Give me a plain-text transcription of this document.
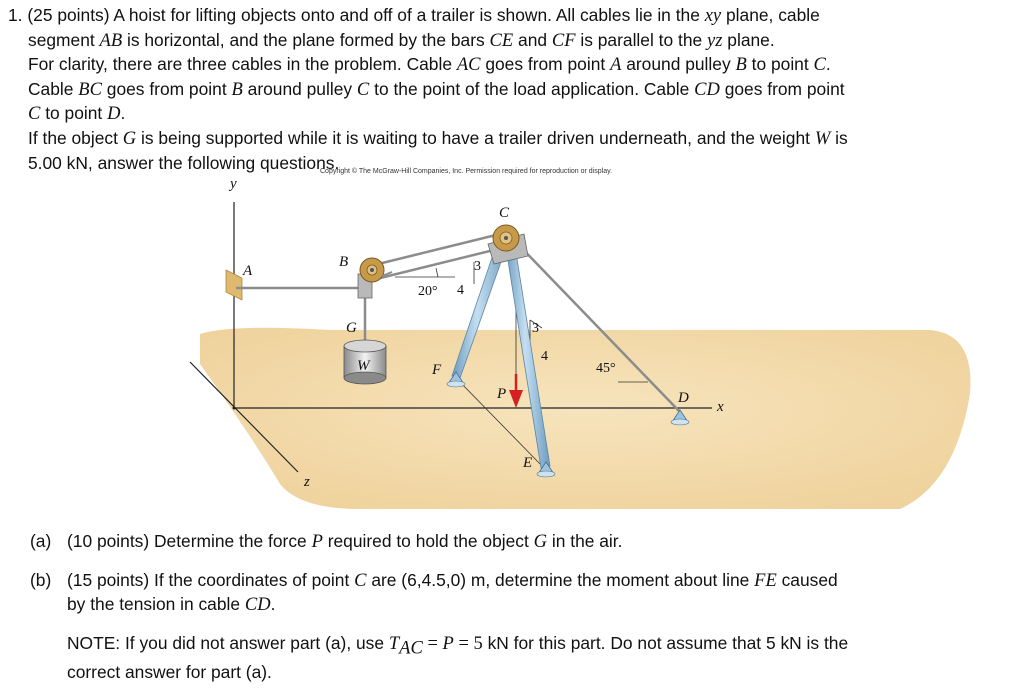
1. (25 points) A hoist for lifting objects onto and off of a trailer is shown. All cables lie in the xy plane, cable
segment AB is horizontal, and the plane formed by the bars CE and CF is parallel to the yz plane.
For clarity, there are three cables in the problem. Cable AC goes from point A around pulley B to point C.
Cable BC goes from point B around pulley C to the point of the load application. Cable CD goes from point
C to point D.
If the object G is being supported while it is waiting to have a trailer driven underneath, and the weight W is
5.00 kN, answer the following questions.
Copyright © The McGraw-Hill Companies, Inc. Permission required for reproduction or display.
y
z
x
A
B
C
D
E
F
G
W
P
20°
45°
3
4
3
4
(a) (10 points) Determine the force P required to hold the object G in the air.
(b) (15 points) If the coordinates of point C are (6,4.5,0) m, determine the moment about line FE caused
by the tension in cable CD.
NOTE: If you did not answer part (a), use $T_{AC} = P = 5$ kN for this part. Do not assume that 5 kN is the
correct answer for part (a).
